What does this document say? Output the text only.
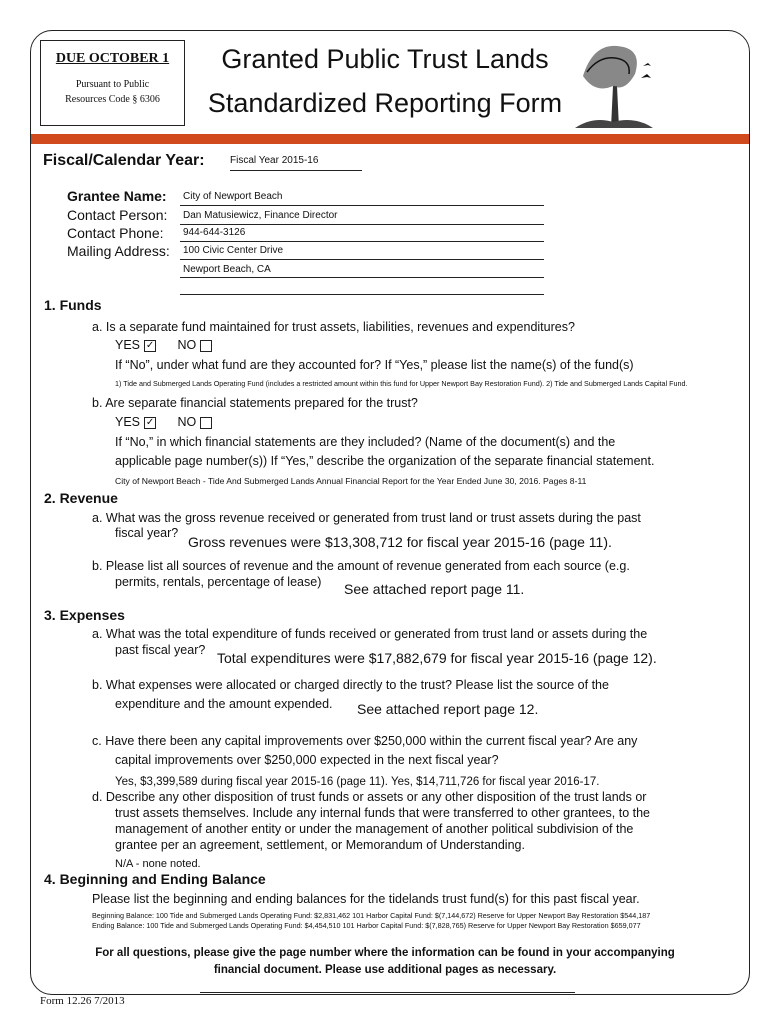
DUE OCTOBER 1
Pursuant to Public
Resources Code § 6306
Granted Public Trust Lands
Standardized Reporting Form
Fiscal/Calendar Year:	Fiscal Year 2015-16
Grantee Name: City of Newport Beach
Contact Person: Dan Matusiewicz, Finance Director
Contact Phone: 944-644-3126
Mailing Address: 100 Civic Center Drive
Newport Beach, CA
1. Funds
a. Is a separate fund maintained for trust assets, liabilities, revenues and expenditures?
YES ✓ NO
If “No”, under what fund are they accounted for? If “Yes,” please list the name(s) of the fund(s)
1) Tide and Submerged Lands Operating Fund (includes a restricted amount within this fund for Upper Newport Bay Restoration Fund). 2) Tide and Submerged Lands Capital Fund.
b. Are separate financial statements prepared for the trust?
YES ✓ NO
If “No,” in which financial statements are they included? (Name of the document(s) and the
applicable page number(s)) If “Yes,” describe the organization of the separate financial statement.
City of Newport Beach - Tide And Submerged Lands Annual Financial Report for the Year Ended June 30, 2016. Pages 8-11
2. Revenue
a. What was the gross revenue received or generated from trust land or trust assets during the past
fiscal year?
Gross revenues were $13,308,712 for fiscal year 2015-16 (page 11).
b. Please list all sources of revenue and the amount of revenue generated from each source (e.g.
permits, rentals, percentage of lease) See attached report page 11.
3. Expenses
a. What was the total expenditure of funds received or generated from trust land or assets during the
past fiscal year? Total expenditures were $17,882,679 for fiscal year 2015-16 (page 12).
b. What expenses were allocated or charged directly to the trust? Please list the source of the
expenditure and the amount expended. See attached report page 12.
c. Have there been any capital improvements over $250,000 within the current fiscal year? Are any
capital improvements over $250,000 expected in the next fiscal year?
Yes, $3,399,589 during fiscal year 2015-16 (page 11). Yes, $14,711,726 for fiscal year 2016-17.
d. Describe any other disposition of trust funds or assets or any other disposition of the trust lands or
trust assets themselves. Include any internal funds that were transferred to other grantees, to the
management of another entity or under the management of another political subdivision of the
grantee per an agreement, settlement, or Memorandum of Understanding.
N/A - none noted.
4. Beginning and Ending Balance
Please list the beginning and ending balances for the tidelands trust fund(s) for this past fiscal year.
Beginning Balance: 100 Tide and Submerged Lands Operating Fund: $2,831,462 101 Harbor Capital Fund: $(7,144,672) Reserve for Upper Newport Bay Restoration $544,187
Ending Balance: 100 Tide and Submerged Lands Operating Fund: $4,454,510 101 Harbor Capital Fund: $(7,828,765) Reserve for Upper Newport Bay Restoration $659,077
For all questions, please give the page number where the information can be found in your accompanying
financial document. Please use additional pages as necessary.
Form 12.26 7/2013
